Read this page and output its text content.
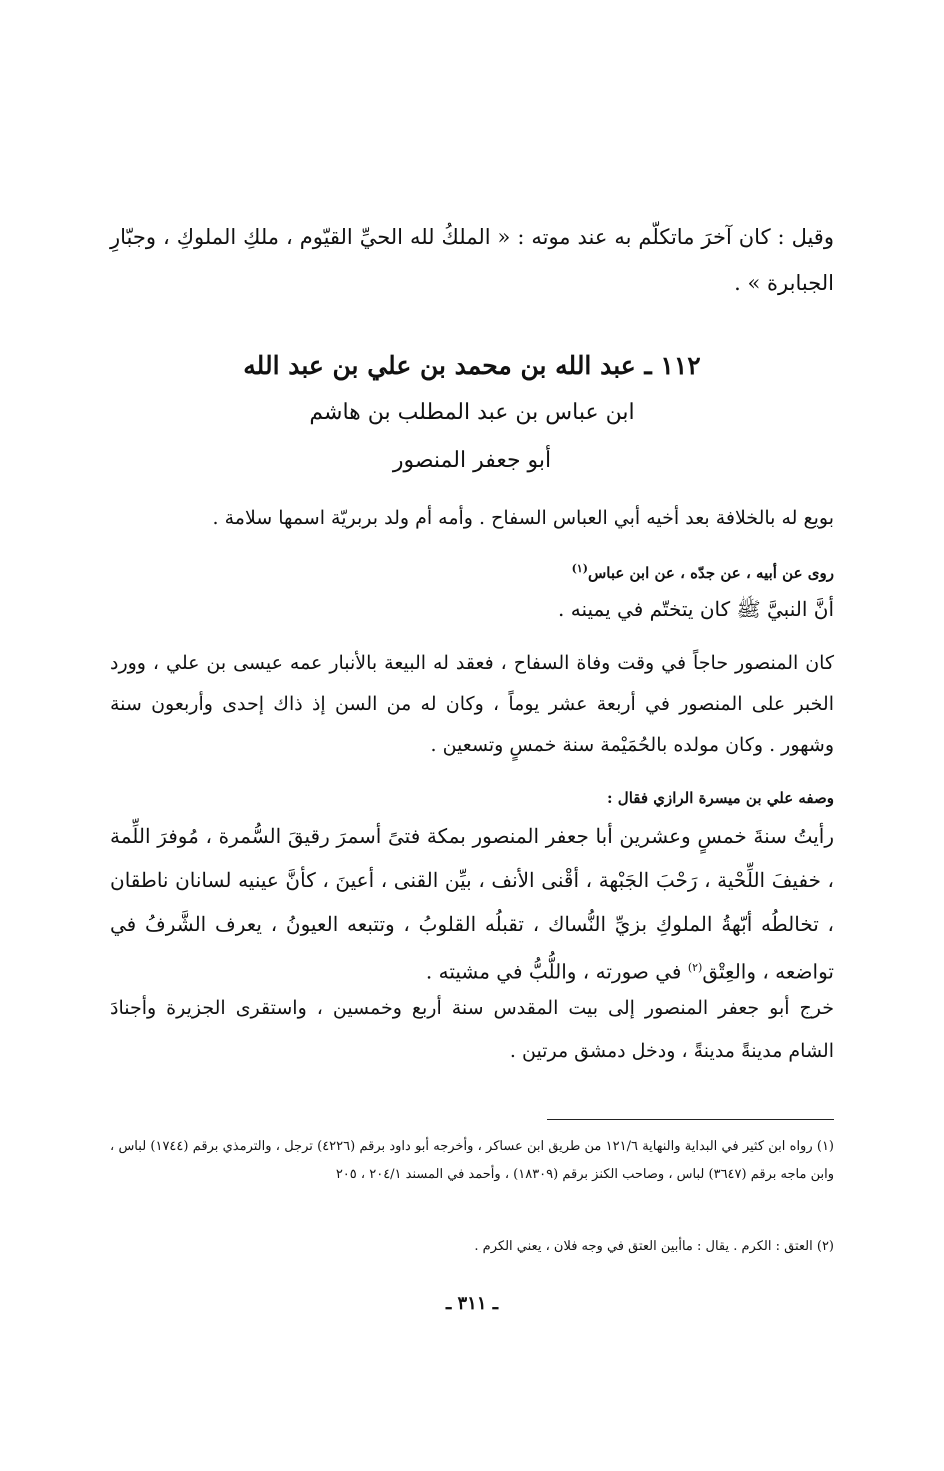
وقيل : كان آخرَ ماتكلّم به عند موته : « الملكُ لله الحيِّ القيّوم ، ملكِ الملوكِ ، وجبّارِ الجبابرة » .

١١٢ ـ عبد الله بن محمد بن علي بن عبد الله
ابن عباس بن عبد المطلب بن هاشم
أبو جعفر المنصور

بويع له بالخلافة بعد أخيه أبي العباس السفاح . وأمه أم ولد بربريّة اسمها سلامة .

روى عن أبيه ، عن جدّه ، عن ابن عباس$^{(١)}$

أنَّ النبيَّ ﷺ كان يتختّم في يمينه .

كان المنصور حاجاً في وقت وفاة السفاح ، فعقد له البيعة بالأنبار عمه عيسى بن علي ، وورد الخبر على المنصور في أربعة عشر يوماً ، وكان له من السن إذ ذاك إحدى وأربعون سنة وشهور . وكان مولده بالحُمَيْمة سنة خمسٍ وتسعين .

وصفه علي بن ميسرة الرازي فقال :

رأيتُ سنةَ خمسٍ وعشرين أبا جعفر المنصور بمكة فتىً أسمرَ رقيقَ السُّمرة ، مُوفرَ اللِّمة ، خفيفَ اللِّحْية ، رَحْبَ الجَبْهة ، أقْنى الأنف ، بيِّن القنى ، أعينَ ، كأنَّ عينيه لسانان ناطقان ، تخالطُه أبّهةُ الملوكِ بزيِّ النُّساك ، تقبلُه القلوبُ ، وتتبعه العيونُ ، يعرف الشَّرفُ في تواضعه ، والعِتْق$^{(٢)}$ في صورته ، واللُّبُّ في مشيته .

خرج أبو جعفر المنصور إلى بيت المقدس سنة أربع وخمسين ، واستقرى الجزيرة وأجنادَ الشام مدينةً مدينةً ، ودخل دمشق مرتين .

(١) رواه ابن كثير في البداية والنهاية ١٢١/٦ من طريق ابن عساكر ، وأخرجه أبو داود برقم (٤٢٢٦) ترجل ، والترمذي برقم (١٧٤٤) لباس ، وابن ماجه برقم (٣٦٤٧) لباس ، وصاحب الكنز برقم (١٨٣٠٩) ، وأحمد في المسند ٢٠٤/١ ، ٢٠٥

(٢) العتق : الكرم . يقال : ماأبين العتق في وجه فلان ، يعني الكرم .

ـ ٣١١ ـ
